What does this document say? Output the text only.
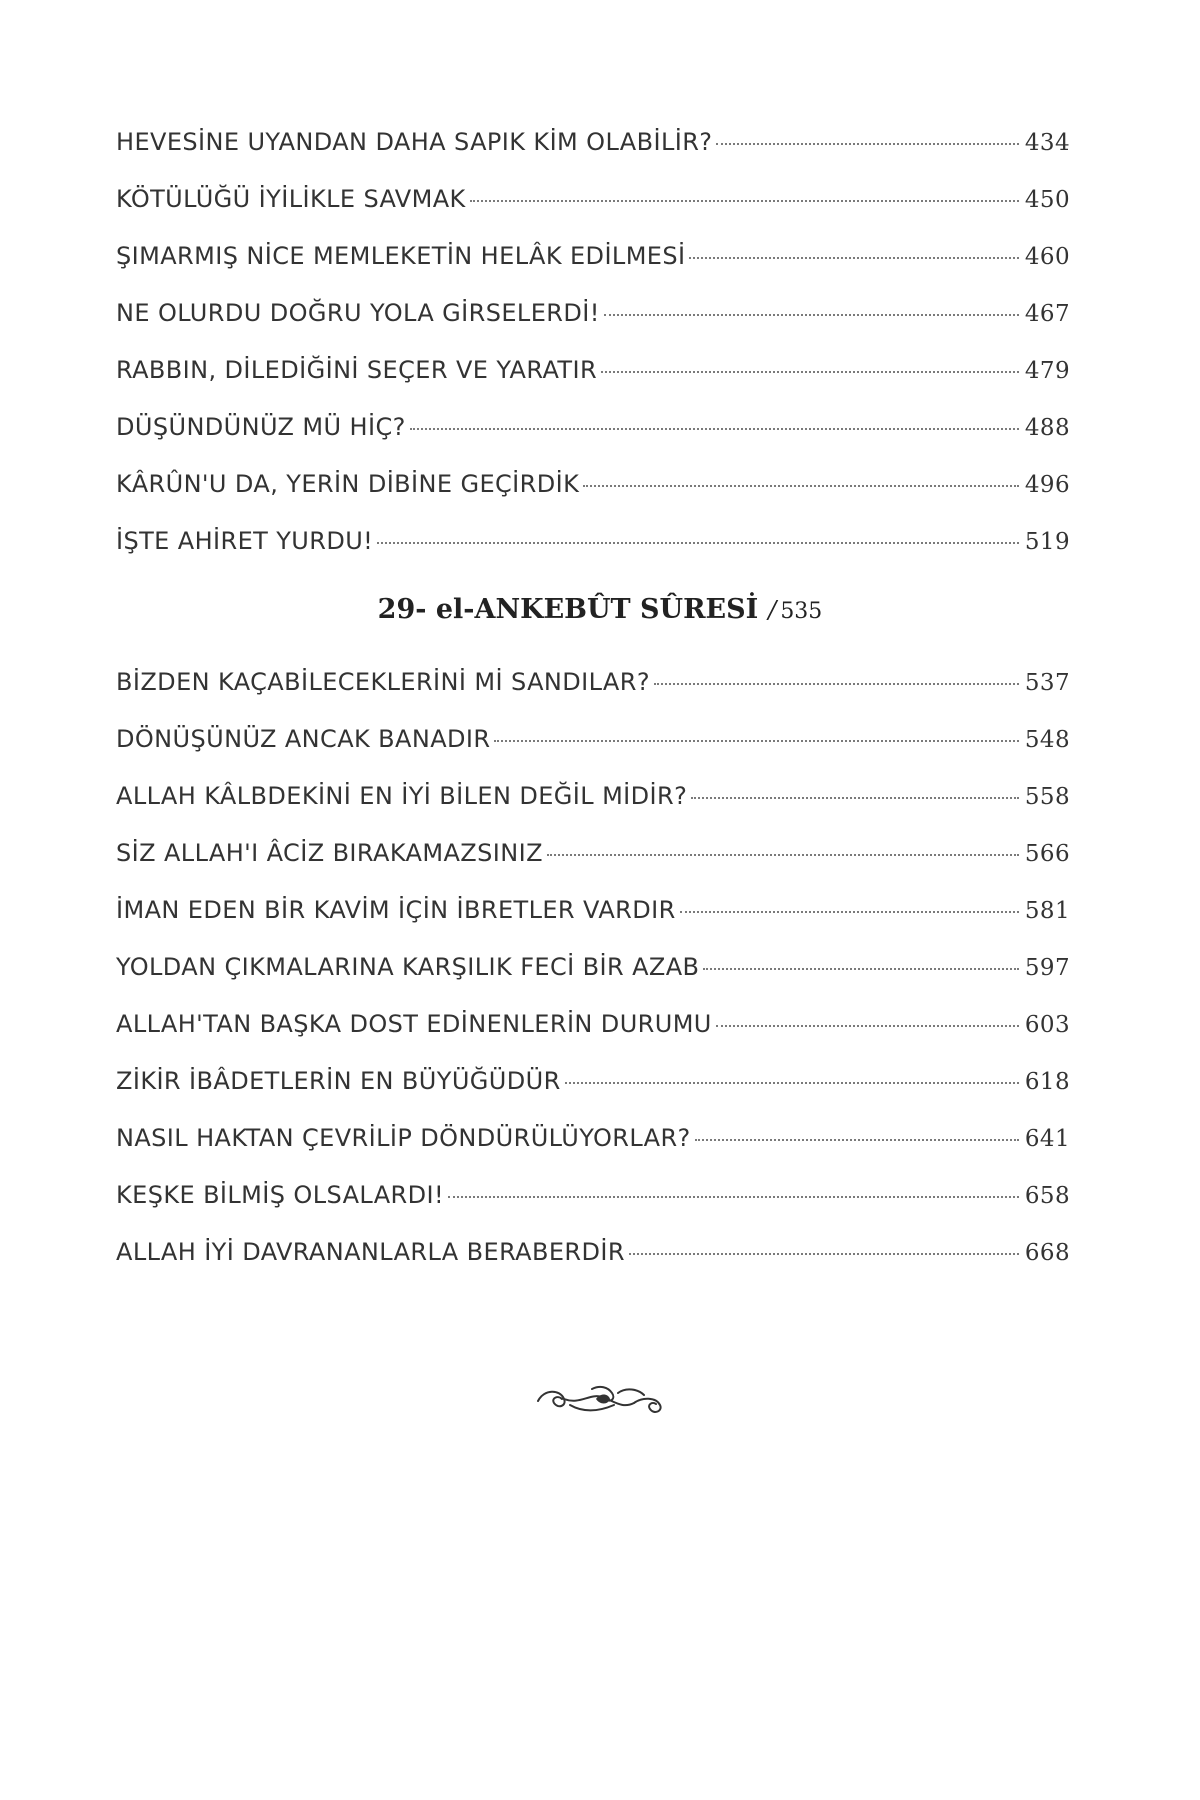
HEVESİNE UYANDAN DAHA SAPIK KİM OLABİLİR?	434
KÖTÜLÜĞÜ İYİLİKLE SAVMAK	450
ŞIMARMIŞ NİCE MEMLEKETİN HELÂK EDİLMESİ	460
NE OLURDU DOĞRU YOLA GİRSELERDİ!	467
RABBIN, DİLEDİĞİNİ SEÇER VE YARATIR	479
DÜŞÜNDÜNÜZ MÜ HİÇ?	488
KÂRÛN'U DA, YERİN DİBİNE GEÇİRDİK	496
İŞTE AHİRET YURDU!	519
29- el-ANKEBÛT SÛRESİ / 535
BİZDEN KAÇABİLECEKLERİNİ Mİ SANDILAR?	537
DÖNÜŞÜNÜZ ANCAK BANADIR	548
ALLAH KÂLBDEKİNİ EN İYİ BİLEN DEĞİL MİDİR?	558
SİZ ALLAH'I ÂCİZ BIRAKAMAZSINIZ	566
İMAN EDEN BİR KAVİM İÇİN İBRETLER VARDIR	581
YOLDAN ÇIKMALARINA KARŞILIK FECİ BİR AZAB	597
ALLAH'TAN BAŞKA DOST EDİNENLERİN DURUMU	603
ZİKİR İBÂDETLERİN EN BÜYÜĞÜDÜR	618
NASIL HAKTAN ÇEVRİLİP DÖNDÜRÜLÜYORLAR?	641
KEŞKE BİLMİŞ OLSALARDI!	658
ALLAH İYİ DAVRANANLARLA BERABERDİR	668
